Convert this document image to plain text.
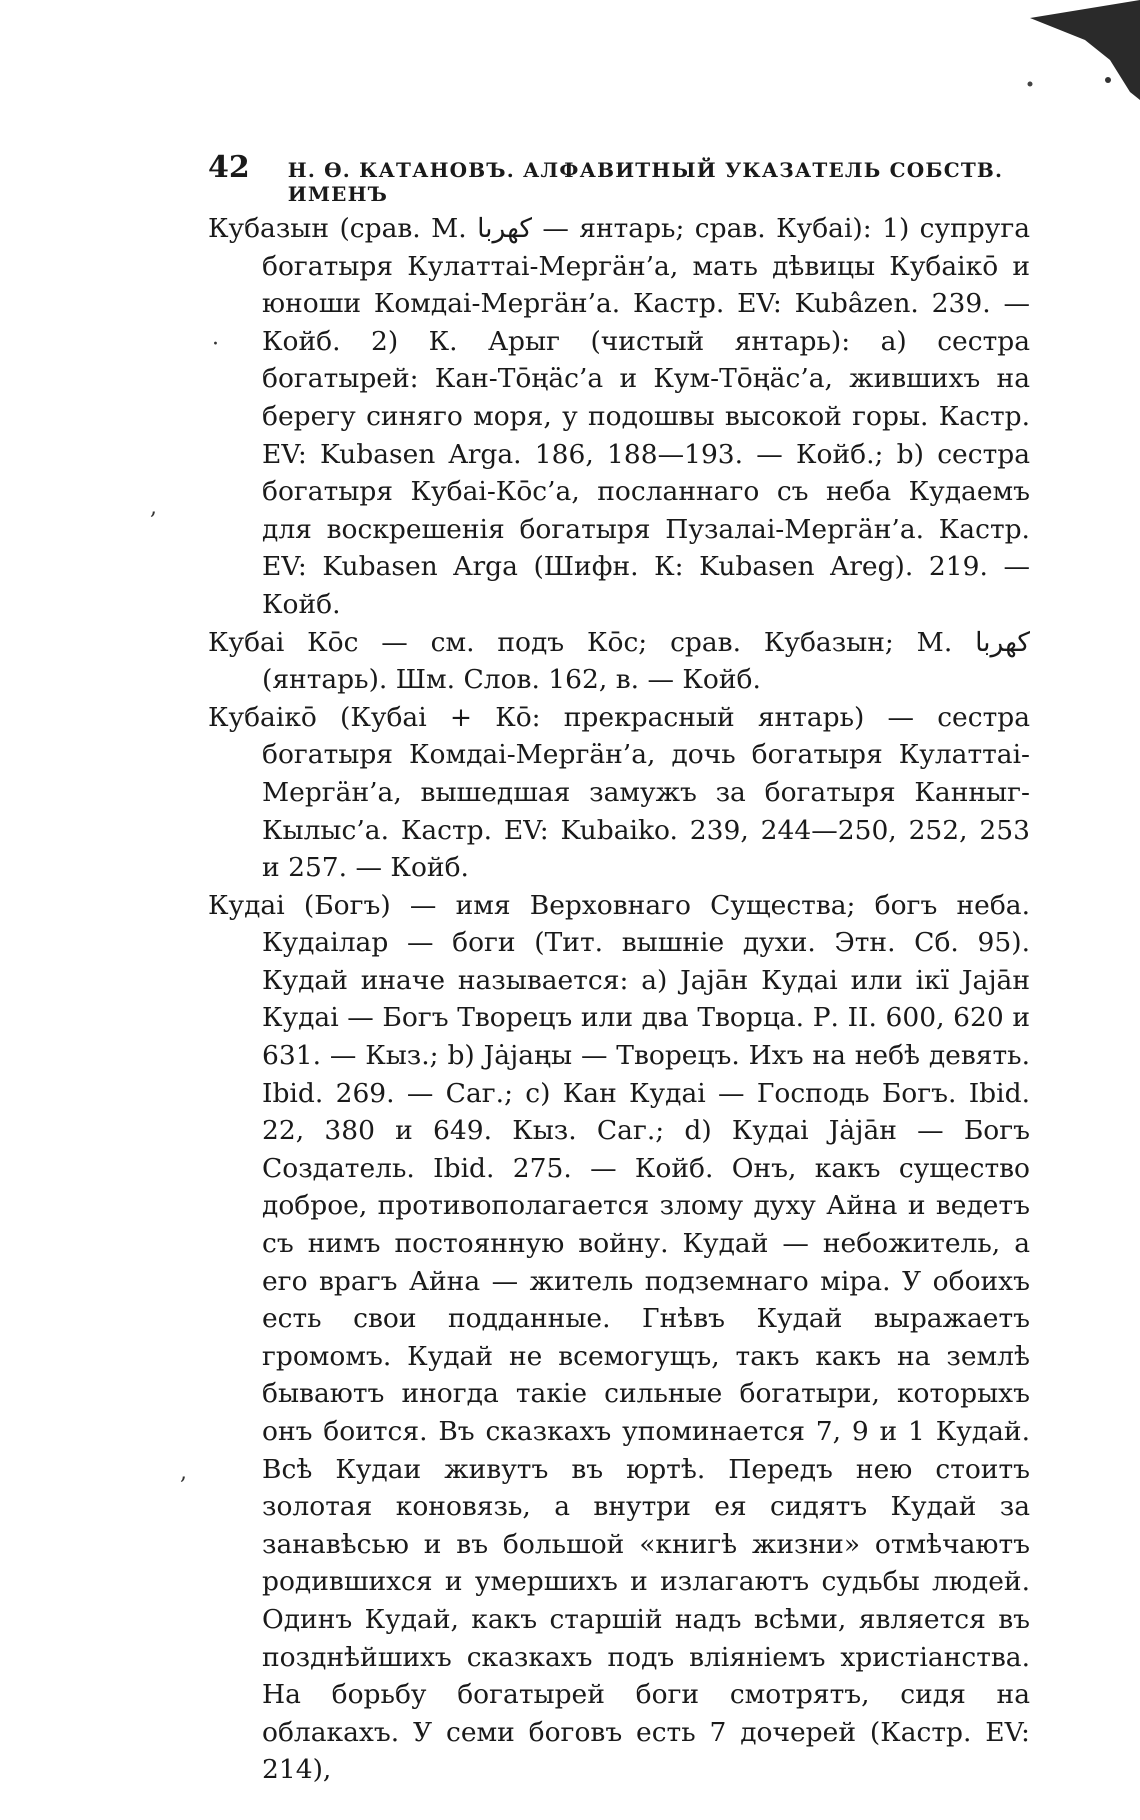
42 Н. Ѳ. КАТАНОВЪ. АЛФАВИТНЫЙ УКАЗАТЕЛЬ СОБСТВ. ИМЕНЪ

Кубазын (срав. М. ﻛﻬﺮﺑﺎ — янтарь; срав. Кубаі): 1) супруга богатыря Кулаттаі-Мергӓн’а, мать дѣвицы Кубаікō и юноши Комдаі-Мергӓн’а. Кастр. EV: Kubâzen. 239. — Койб. 2) К. Арыг (чистый янтарь): а) сестра богатырей: Кан-Тōңӓс’а и Кум-Тōңӓс’а, жившихъ на берегу синяго моря, у подошвы высокой горы. Кастр. EV: Kubasen Arga. 186, 188—193. — Койб.; b) сестра богатыря Кубаі-Кōс’а, посланнаго съ неба Кудаемъ для воскрешенія богатыря Пузалаі-Мергӓн’а. Кастр. EV: Kubasen Arga (Шифн. К: Kubasen Areg). 219. — Койб.

Кубаі Кōс — см. подъ Кōс; срав. Кубазын; М. ﻛﻬﺮﺑﺎ (янтарь). Шм. Слов. 162, в. — Койб.

Кубаікō (Кубаі + Кō: прекрасный янтарь) — сестра богатыря Комдаі-Мергӓн’а, дочь богатыря Кулаттаі-Мергӓн’а, вышедшая замужъ за богатыря Канныг-Кылыс’а. Кастр. EV: Kubaiko. 239, 244—250, 252, 253 и 257. — Койб.

Кудаі (Богъ) — имя Верховнаго Существа; богъ неба. Кудаілар — боги (Тит. вышніе духи. Этн. Сб. 95). Кудай иначе называется: а) Јаjāн Кудаі или ікї Јаjāн Кудаі — Богъ Творецъ или два Творца. Р. II. 600, 620 и 631. — Кыз.; b) Ја̇jаңы — Творецъ. Ихъ на небѣ девять. Ibid. 269. — Саг.; с) Кан Кудаі — Господь Богъ. Ibid. 22, 380 и 649. Кыз. Саг.; d) Кудаі Ја̇jāн — Богъ Создатель. Ibid. 275. — Койб. Онъ, какъ существо доброе, противополагается злому духу Айна и ведетъ съ нимъ постоянную войну. Кудай — небожитель, а его врагъ Айна — житель подземнаго міра. У обоихъ есть свои подданные. Гнѣвъ Кудай выражаетъ громомъ. Кудай не всемогущъ, такъ какъ на землѣ бываютъ иногда такіе сильные богатыри, которыхъ онъ боится. Въ сказкахъ упоминается 7, 9 и 1 Кудай. Всѣ Кудаи живутъ въ юртѣ. Передъ нею стоитъ золотая коновязь, а внутри ея сидятъ Кудай за занавѣсью и въ большой «книгѣ жизни» отмѣчаютъ родившихся и умершихъ и излагаютъ судьбы людей. Одинъ Кудай, какъ старшій надъ всѣми, является въ позднѣйшихъ сказкахъ подъ вліяніемъ христіанства. На борьбу богатырей боги смотрятъ, сидя на облакахъ. У семи боговъ есть 7 дочерей (Кастр. EV: 214),

·
,
,
